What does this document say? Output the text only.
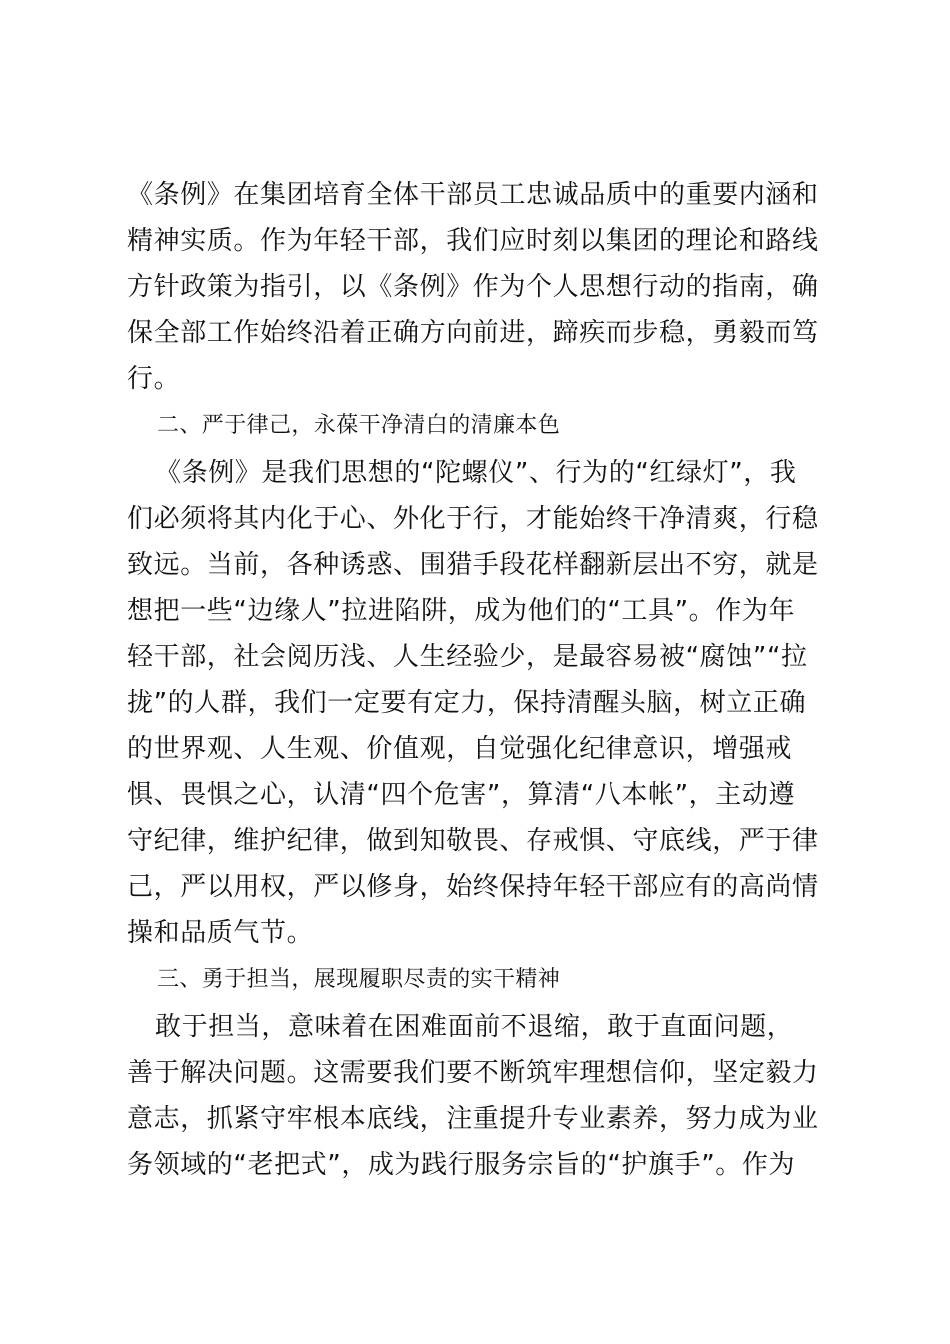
《条例》在集团培育全体干部员工忠诚品质中的重要内涵和
精神实质。作为年轻干部，我们应时刻以集团的理论和路线
方针政策为指引，以《条例》作为个人思想行动的指南，确
保全部工作始终沿着正确方向前进，蹄疾而步稳，勇毅而笃
行。
二、严于律己，永葆干净清白的清廉本色
《条例》是我们思想的“陀螺仪”、行为的“红绿灯”，我
们必须将其内化于心、外化于行，才能始终干净清爽，行稳
致远。当前，各种诱惑、围猎手段花样翻新层出不穷，就是
想把一些“边缘人”拉进陷阱，成为他们的“工具”。作为年
轻干部，社会阅历浅、人生经验少，是最容易被“腐蚀”“拉
拢”的人群，我们一定要有定力，保持清醒头脑，树立正确
的世界观、人生观、价值观，自觉强化纪律意识，增强戒
惧、畏惧之心，认清“四个危害”，算清“八本帐”，主动遵
守纪律，维护纪律，做到知敬畏、存戒惧、守底线，严于律
己，严以用权，严以修身，始终保持年轻干部应有的高尚情
操和品质气节。
三、勇于担当，展现履职尽责的实干精神
敢于担当，意味着在困难面前不退缩，敢于直面问题，
善于解决问题。这需要我们要不断筑牢理想信仰，坚定毅力
意志，抓紧守牢根本底线，注重提升专业素养，努力成为业
务领域的“老把式”，成为践行服务宗旨的“护旗手”。作为
